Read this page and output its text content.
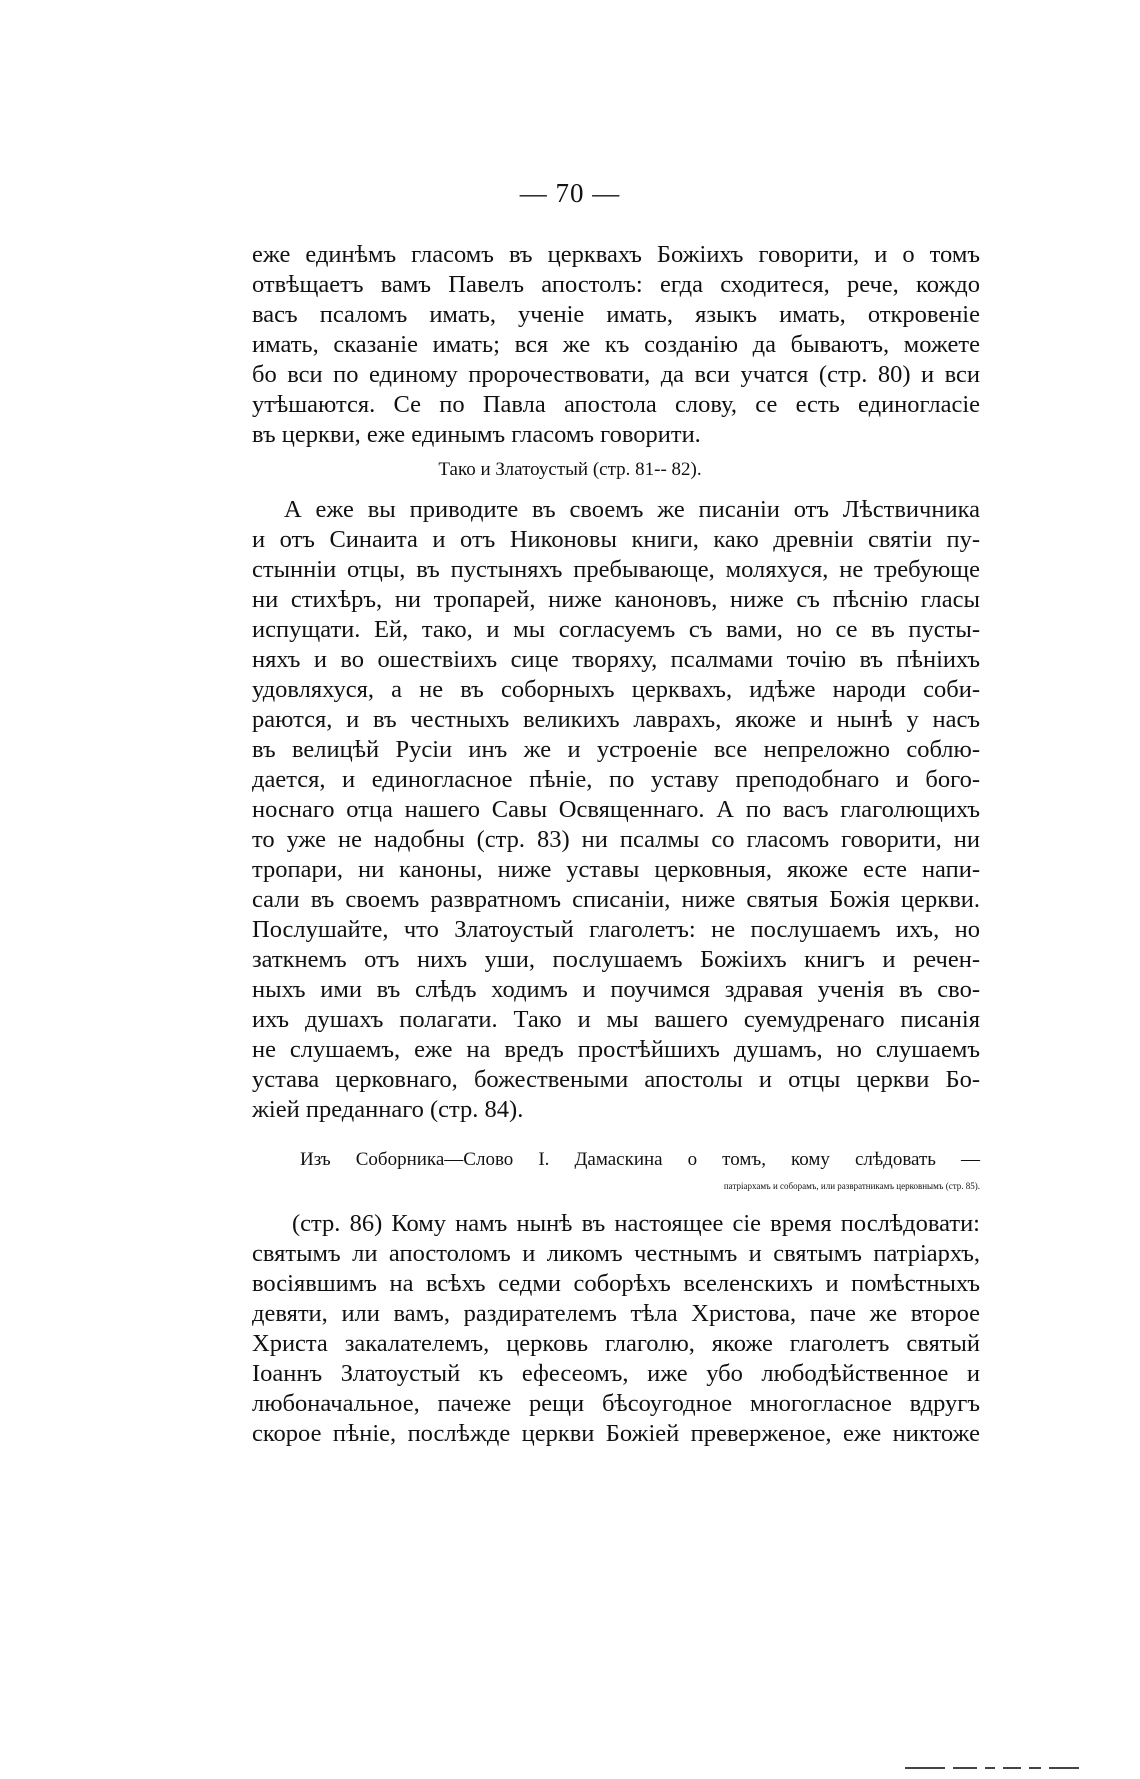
— 70 —
еже единѣмъ гласомъ въ церквахъ Божіихъ говорити, и о томъ
отвѣщаетъ вамъ Павелъ апостолъ: егда сходитеся, рече, кождо
васъ псаломъ имать, ученіе имать, языкъ имать, откровеніе
имать, сказаніе имать; вся же къ созданію да бываютъ, можете
бо вси по единому пророчествовати, да вси учатся (стр. 80) и вси
утѣшаются. Се по Павла апостола слову, се есть единогласіе
въ церкви, еже единымъ гласомъ говорити.
Тако и Златоустый (стр. 81-- 82).
А еже вы приводите въ своемъ же писаніи отъ Лѣствичника
и отъ Синаита и отъ Никоновы книги, како древніи святіи пу-
стынніи отцы, въ пустыняхъ пребывающе, моляхуся, не требующе
ни стихѣръ, ни тропарей, ниже каноновъ, ниже съ пѣснію гласы
испущати. Ей, тако, и мы согласуемъ съ вами, но се въ пусты-
няхъ и во ошествіихъ сице творяху, псалмами точію въ пѣніихъ
удовляхуся, а не въ соборныхъ церквахъ, идѣже народи соби-
раются, и въ честныхъ великихъ лаврахъ, якоже и нынѣ у насъ
въ велицѣй Русіи инъ же и устроеніе все непреложно соблю-
дается, и единогласное пѣніе, по уставу преподобнаго и бого-
носнаго отца нашего Савы Освященнаго. А по васъ глаголющихъ
то уже не надобны (стр. 83) ни псалмы со гласомъ говорити, ни
тропари, ни каноны, ниже уставы церковныя, якоже есте напи-
сали въ своемъ развратномъ списаніи, ниже святыя Божія церкви.
Послушайте, что Златоустый глаголетъ: не послушаемъ ихъ, но
заткнемъ отъ нихъ уши, послушаемъ Божіихъ книгъ и речен-
ныхъ ими въ слѣдъ ходимъ и поучимся здравая ученія въ сво-
ихъ душахъ полагати. Тако и мы вашего суемудренаго писанія
не слушаемъ, еже на вредъ простѣйшихъ душамъ, но слушаемъ
устава церковнаго, божествеными апостолы и отцы церкви Бо-
жіей преданнаго (стр. 84).
Изъ Соборника—Слово I. Дамаскина о томъ, кому слѣдовать —
патріархамъ и соборамъ, или развратникамъ церковнымъ (стр. 85).
(стр. 86) Кому намъ нынѣ въ настоящее сіе время послѣдовати:
святымъ ли апостоломъ и ликомъ честнымъ и святымъ патріархъ,
восіявшимъ на всѣхъ седми соборѣхъ вселенскихъ и помѣстныхъ
девяти, или вамъ, раздирателемъ тѣла Христова, паче же второе
Христа закалателемъ, церковь глаголю, якоже глаголетъ святый
Іоаннъ Златоустый къ ефесеомъ, иже убо любодѣйственное и
любоначальное, пачеже рещи бѣсоугодное многогласное вдругъ
скорое пѣніе, послѣжде церкви Божіей преверженое, еже никтоже
